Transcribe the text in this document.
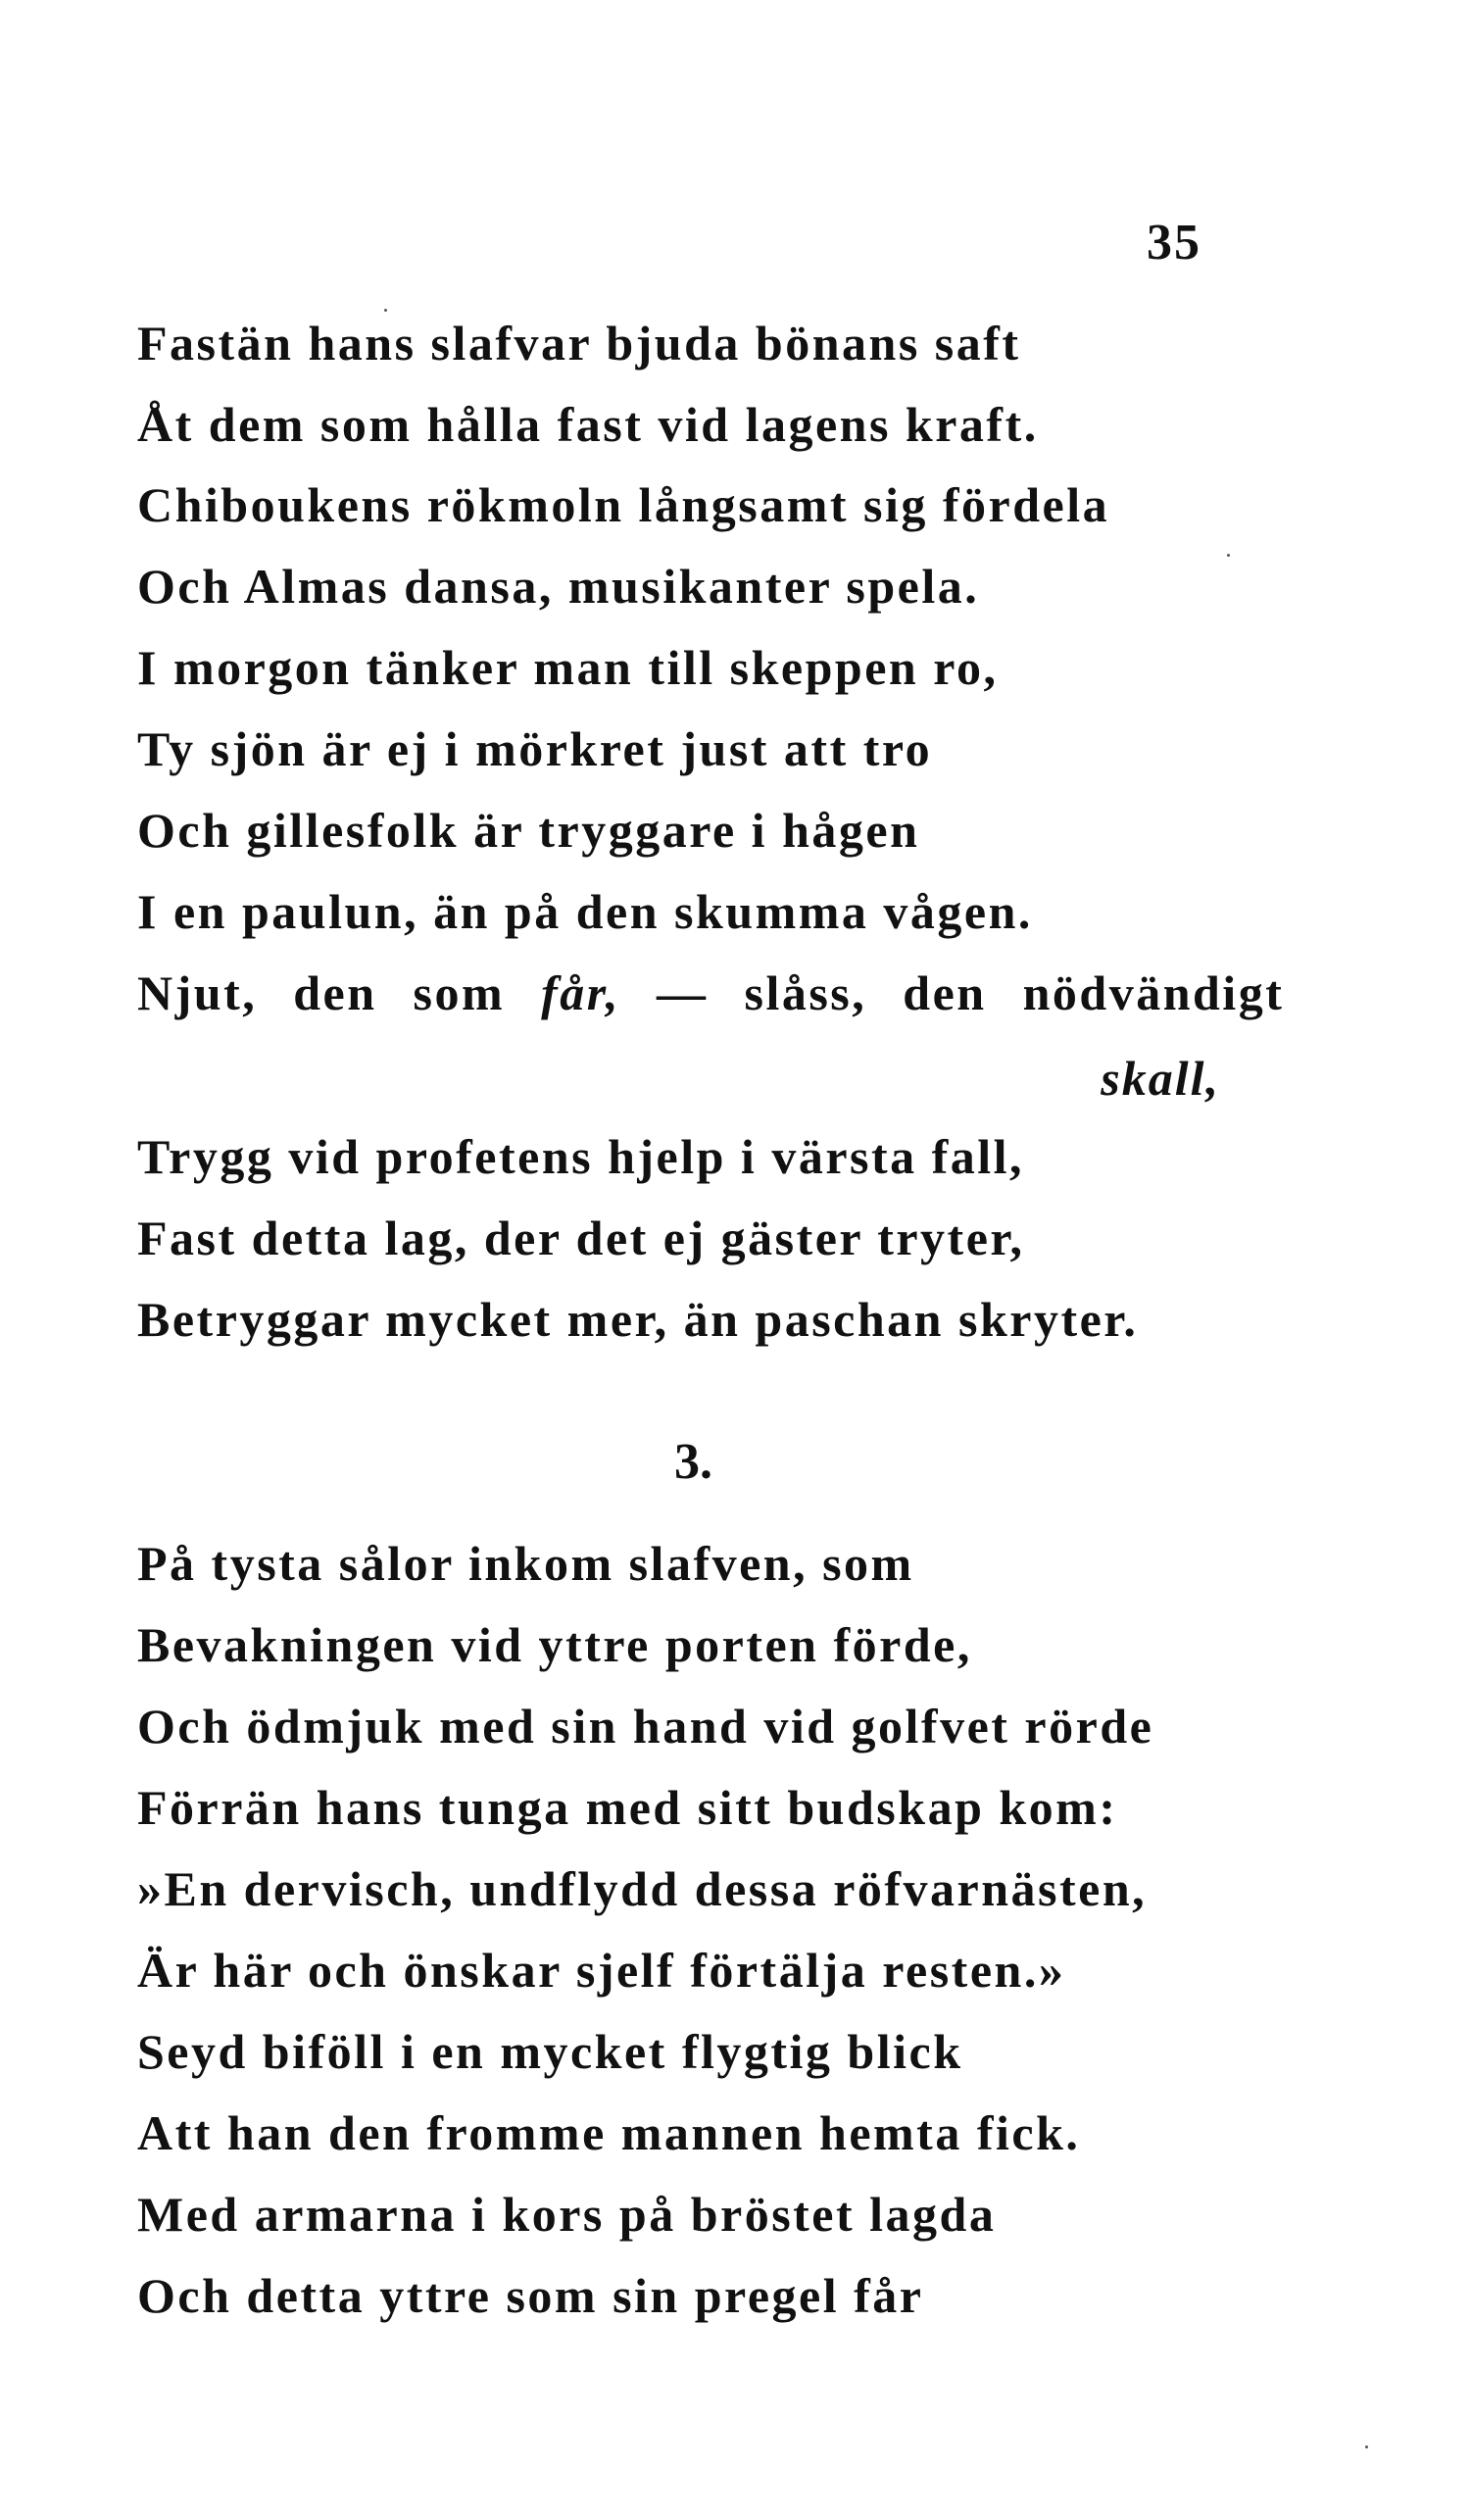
35
Fastän hans slafvar bjuda bönans saft
Åt dem som hålla fast vid lagens kraft.
Chiboukens rökmoln långsamt sig fördela
Och Almas dansa, musikanter spela.
I morgon tänker man till skeppen ro,
Ty sjön är ej i mörkret just att tro
Och gillesfolk är tryggare i hågen
I en paulun, än på den skumma vågen.
Njut, den som får, — slåss, den nödvändigt
skall,
Trygg vid profetens hjelp i värsta fall,
Fast detta lag, der det ej gäster tryter,
Betryggar mycket mer, än paschan skryter.
3.
På tysta sålor inkom slafven, som
Bevakningen vid yttre porten förde,
Och ödmjuk med sin hand vid golfvet rörde
Förrän hans tunga med sitt budskap kom:
»En dervisch, undflydd dessa röfvarnästen,
Är här och önskar sjelf förtälja resten.»
Seyd biföll i en mycket flygtig blick
Att han den fromme mannen hemta fick.
Med armarna i kors på bröstet lagda
Och detta yttre som sin pregel får
